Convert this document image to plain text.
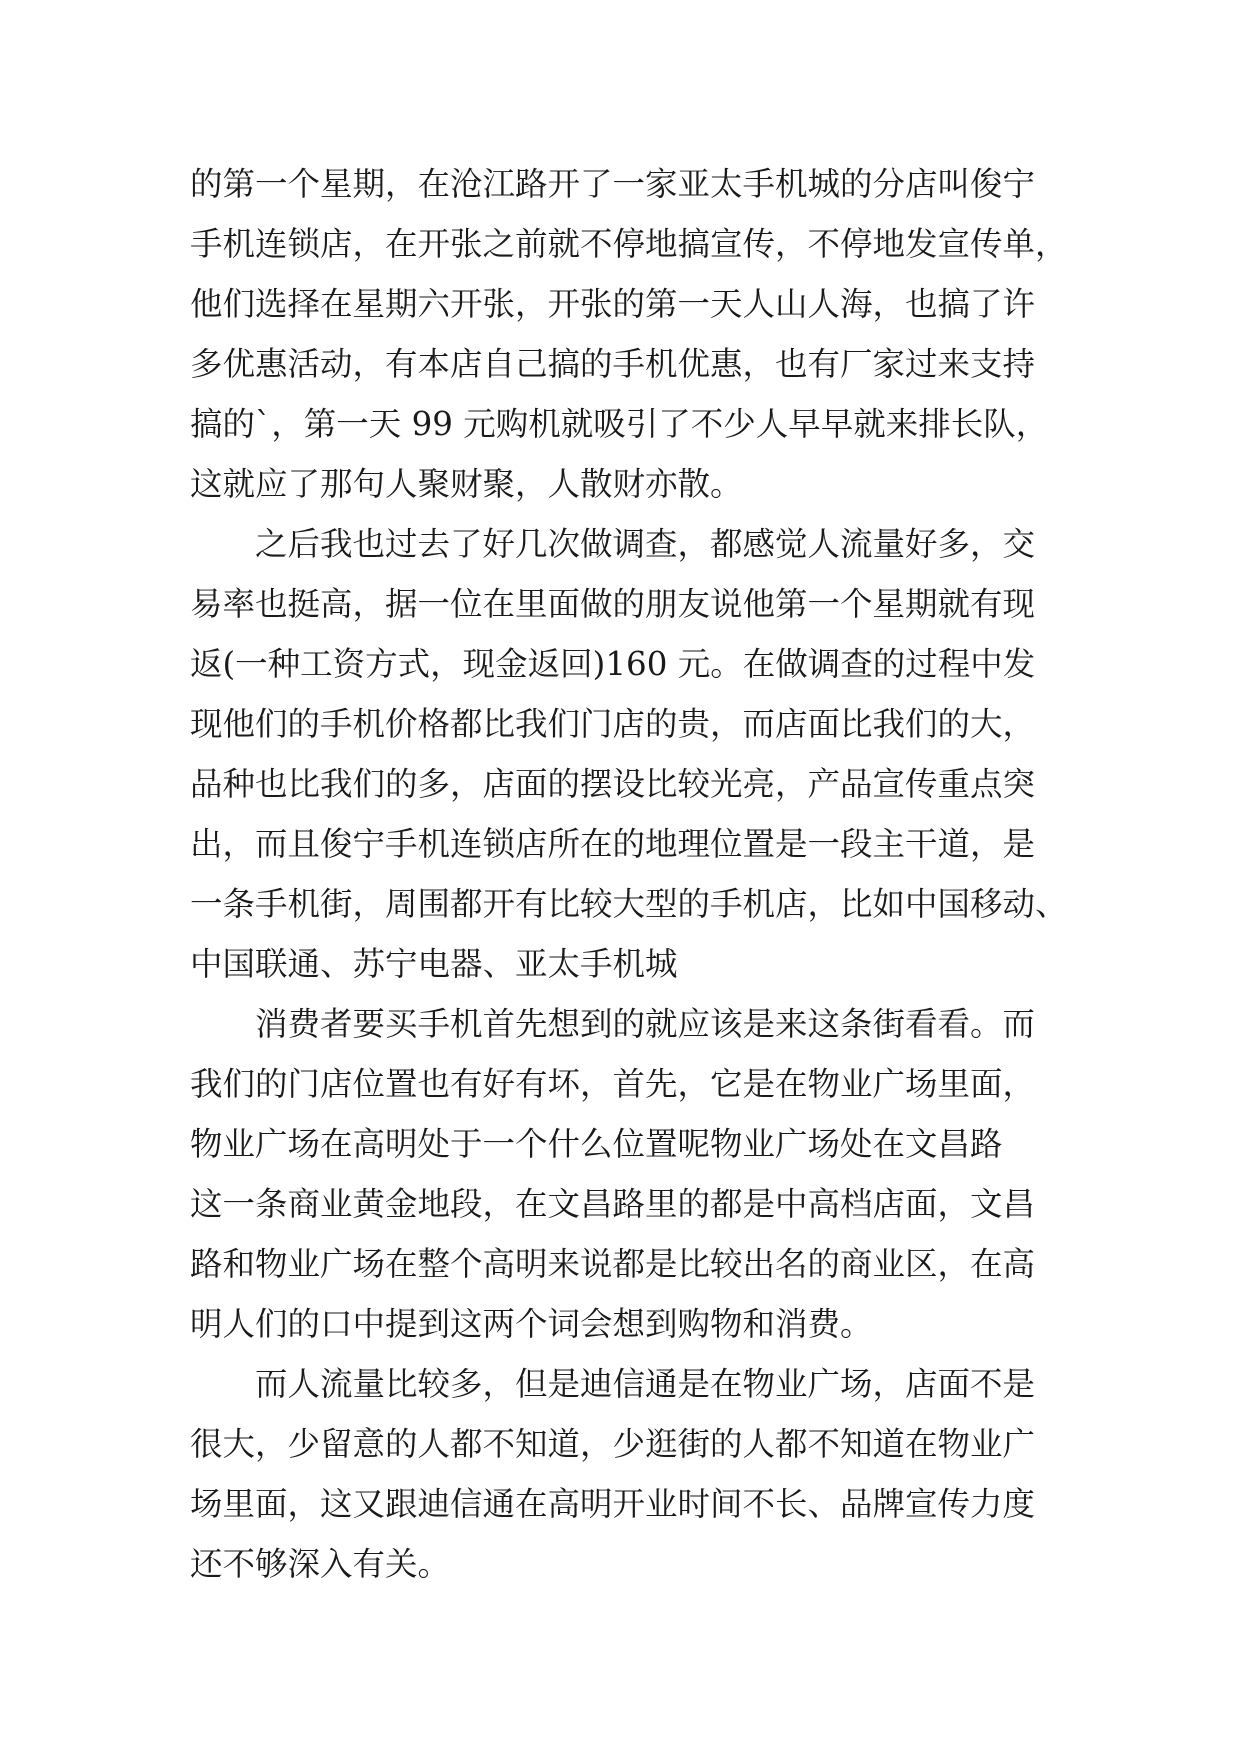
的第一个星期，在沧江路开了一家亚太手机城的分店叫俊宁
手机连锁店，在开张之前就不停地搞宣传，不停地发宣传单，
他们选择在星期六开张，开张的第一天人山人海，也搞了许
多优惠活动，有本店自己搞的手机优惠，也有厂家过来支持
搞的`，第一天 99 元购机就吸引了不少人早早就来排长队，
这就应了那句人聚财聚，人散财亦散。
之后我也过去了好几次做调查，都感觉人流量好多，交
易率也挺高，据一位在里面做的朋友说他第一个星期就有现
返(一种工资方式，现金返回)160 元。在做调查的过程中发
现他们的手机价格都比我们门店的贵，而店面比我们的大，
品种也比我们的多，店面的摆设比较光亮，产品宣传重点突
出，而且俊宁手机连锁店所在的地理位置是一段主干道，是
一条手机街，周围都开有比较大型的手机店，比如中国移动、
中国联通、苏宁电器、亚太手机城
消费者要买手机首先想到的就应该是来这条街看看。而
我们的门店位置也有好有坏，首先，它是在物业广场里面，
物业广场在高明处于一个什么位置呢物业广场处在文昌路
这一条商业黄金地段，在文昌路里的都是中高档店面，文昌
路和物业广场在整个高明来说都是比较出名的商业区，在高
明人们的口中提到这两个词会想到购物和消费。
而人流量比较多，但是迪信通是在物业广场，店面不是
很大，少留意的人都不知道，少逛街的人都不知道在物业广
场里面，这又跟迪信通在高明开业时间不长、品牌宣传力度
还不够深入有关。
